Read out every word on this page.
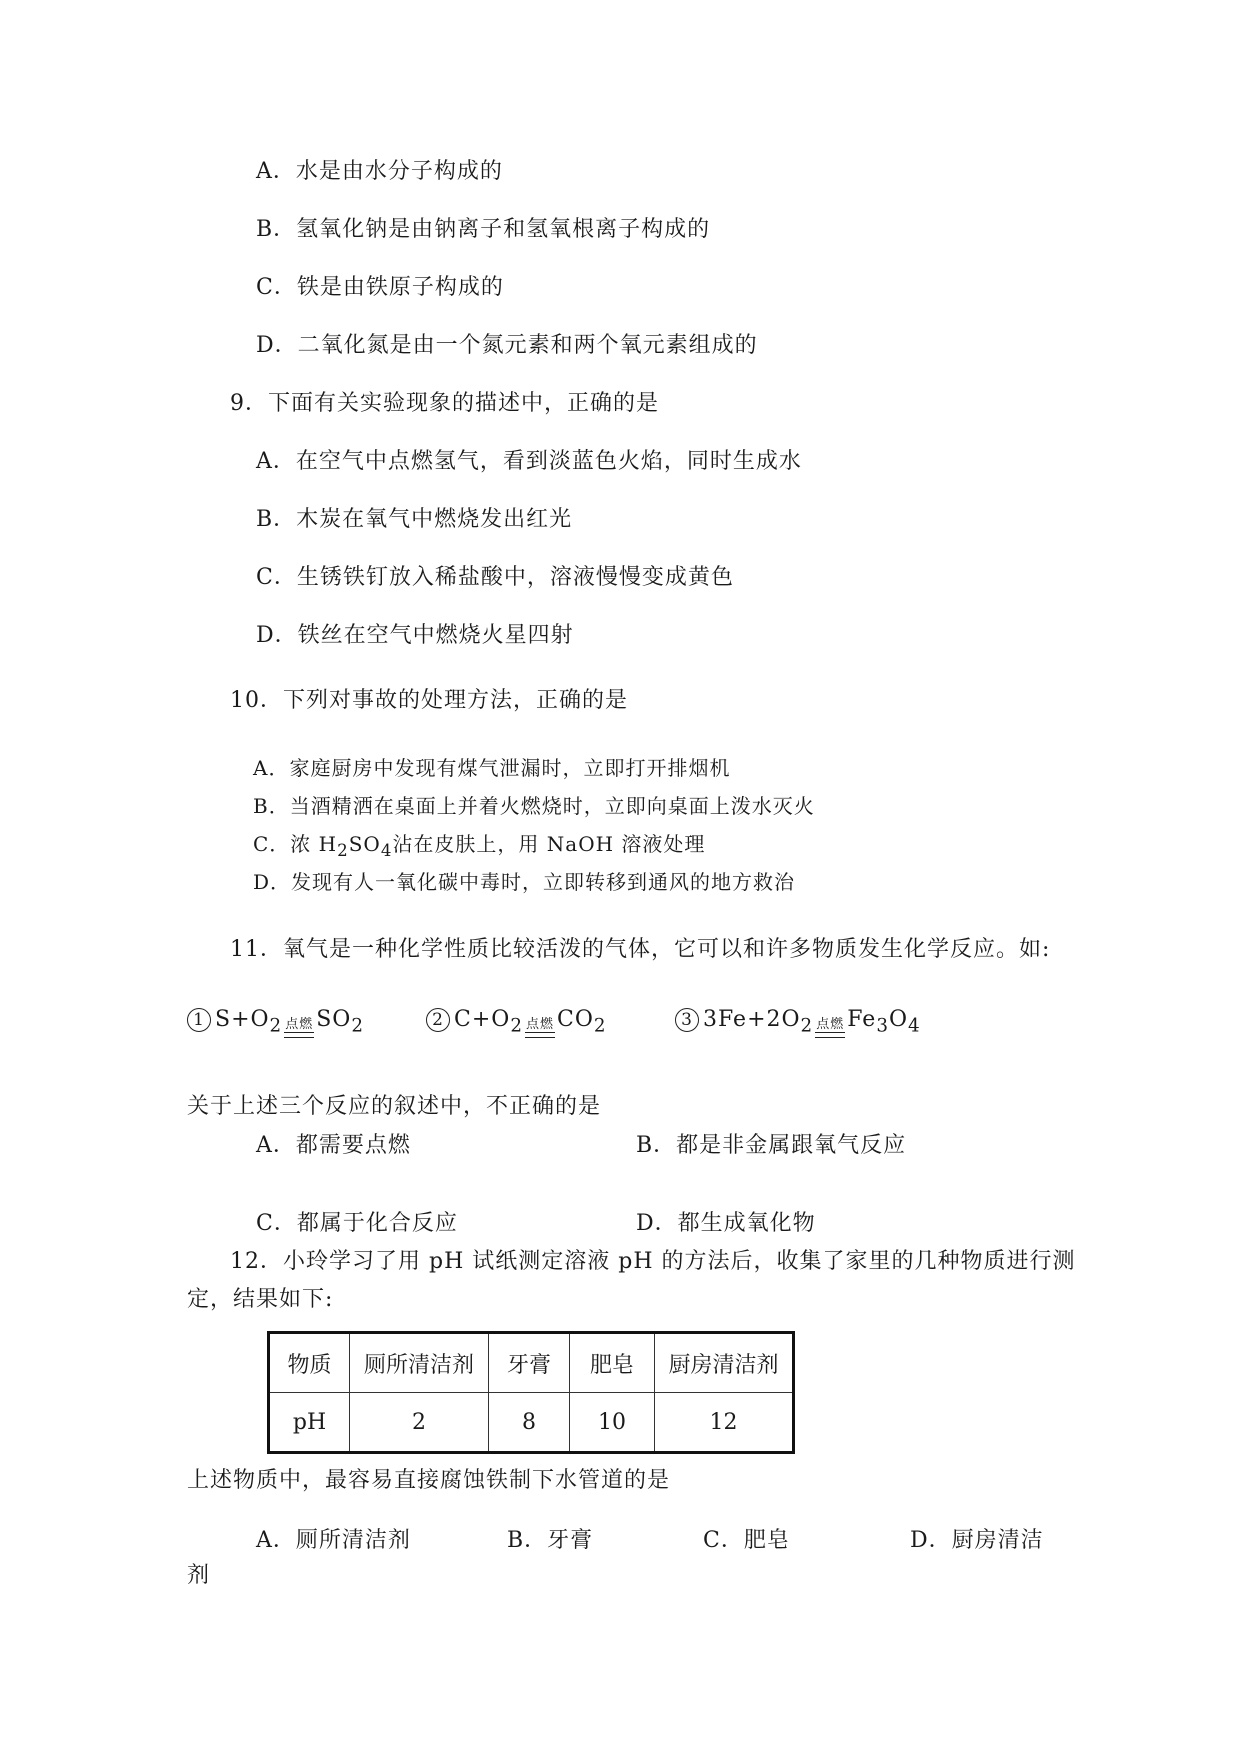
A．水是由水分子构成的
B．氢氧化钠是由钠离子和氢氧根离子构成的
C．铁是由铁原子构成的
D．二氧化氮是由一个氮元素和两个氧元素组成的
9．下面有关实验现象的描述中，正确的是
A．在空气中点燃氢气，看到淡蓝色火焰，同时生成水
B．木炭在氧气中燃烧发出红光
C．生锈铁钉放入稀盐酸中，溶液慢慢变成黄色
D．铁丝在空气中燃烧火星四射
10．下列对事故的处理方法，正确的是
A．家庭厨房中发现有煤气泄漏时，立即打开排烟机
B．当酒精洒在桌面上并着火燃烧时，立即向桌面上泼水灭火
C．浓 $H_2SO_4$沾在皮肤上，用 NaOH 溶液处理
D．发现有人一氧化碳中毒时，立即转移到通风的地方救治
11．氧气是一种化学性质比较活泼的气体，它可以和许多物质发生化学反应。如:
1 $S+O_2$ 点燃 $SO_2$	2 $C+O_2$ 点燃 $CO_2$	3 $3Fe+2O_2$ 点燃 $Fe_3O_4$
关于上述三个反应的叙述中，不正确的是
A．都需要点燃	B．都是非金属跟氧气反应
C．都属于化合反应	D．都生成氧化物
12．小玲学习了用 pH 试纸测定溶液 pH 的方法后，收集了家里的几种物质进行测
定，结果如下:
物质	厕所清洁剂	牙膏	肥皂	厨房清洁剂
pH	2	8	10	12
上述物质中，最容易直接腐蚀铁制下水管道的是
A．厕所清洁剂	B．牙膏	C．肥皂	D．厨房清洁
剂
